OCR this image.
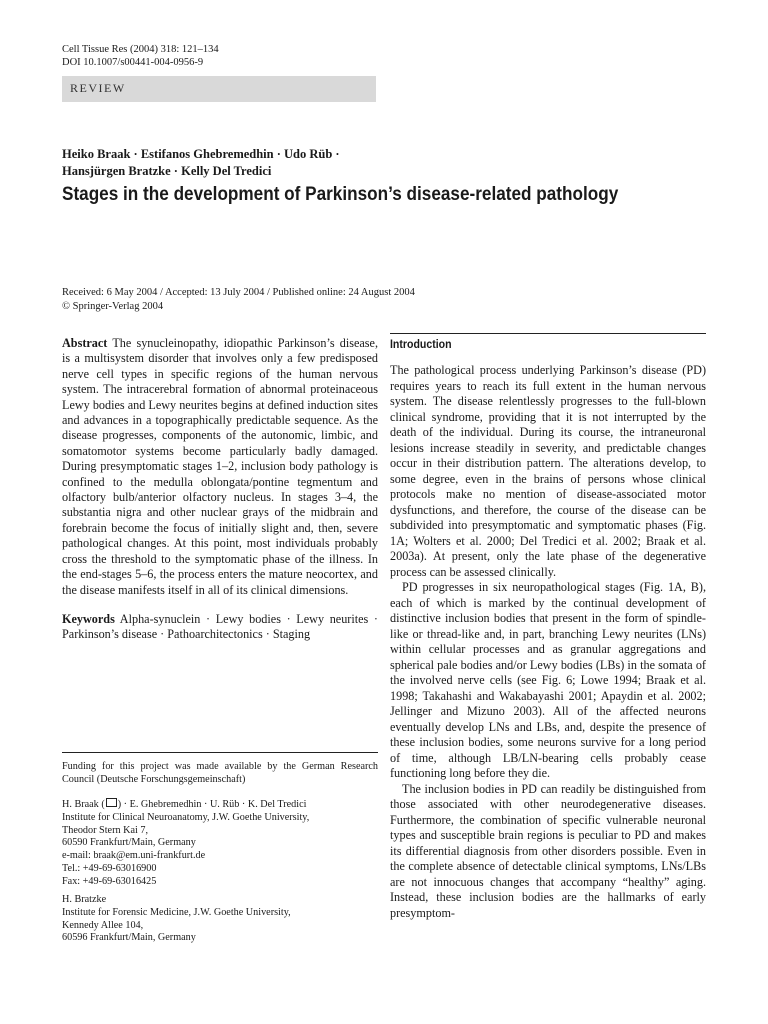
Cell Tissue Res (2004) 318: 121–134
DOI 10.1007/s00441-004-0956-9
REVIEW
Heiko Braak · Estifanos Ghebremedhin · Udo Rüb ·
Hansjürgen Bratzke · Kelly Del Tredici
Stages in the development of Parkinson’s disease-related pathology
Received: 6 May 2004 / Accepted: 13 July 2004 / Published online: 24 August 2004
© Springer-Verlag 2004

Abstract The synucleinopathy, idiopathic Parkinson’s disease, is a multisystem disorder that involves only a few predisposed nerve cell types in specific regions of the human nervous system. The intracerebral formation of abnormal proteinaceous Lewy bodies and Lewy neurites begins at defined induction sites and advances in a topographically predictable sequence. As the disease progresses, components of the autonomic, limbic, and somatomotor systems become particularly badly damaged. During presymptomatic stages 1–2, inclusion body pathology is confined to the medulla oblongata/pontine tegmentum and olfactory bulb/anterior olfactory nucleus. In stages 3–4, the substantia nigra and other nuclear grays of the midbrain and forebrain become the focus of initially slight and, then, severe pathological changes. At this point, most individuals probably cross the threshold to the symptomatic phase of the illness. In the end-stages 5–6, the process enters the mature neocortex, and the disease manifests itself in all of its clinical dimensions.

Keywords Alpha-synuclein · Lewy bodies · Lewy neurites · Parkinson’s disease · Pathoarchitectonics · Staging

Funding for this project was made available by the German Research Council (Deutsche Forschungsgemeinschaft)
H. Braak ( ) · E. Ghebremedhin · U. Rüb · K. Del Tredici
Institute for Clinical Neuroanatomy, J.W. Goethe University,
Theodor Stern Kai 7,
60590 Frankfurt/Main, Germany
e-mail: braak@em.uni-frankfurt.de
Tel.: +49-69-63016900
Fax: +49-69-63016425
H. Bratzke
Institute for Forensic Medicine, J.W. Goethe University,
Kennedy Allee 104,
60596 Frankfurt/Main, Germany
Introduction

The pathological process underlying Parkinson’s disease (PD) requires years to reach its full extent in the human nervous system. The disease relentlessly progresses to the full-blown clinical syndrome, providing that it is not interrupted by the death of the individual. During its course, the intraneuronal lesions increase steadily in severity, and predictable changes occur in their distribution pattern. The alterations develop, to some degree, even in the brains of persons whose clinical protocols make no mention of disease-associated motor dysfunctions, and therefore, the course of the disease can be subdivided into presymptomatic and symptomatic phases (Fig. 1A; Wolters et al. 2000; Del Tredici et al. 2002; Braak et al. 2003a). At present, only the late phase of the degenerative process can be assessed clinically.

PD progresses in six neuropathological stages (Fig. 1A, B), each of which is marked by the continual development of distinctive inclusion bodies that present in the form of spindle-like or thread-like and, in part, branching Lewy neurites (LNs) within cellular processes and as granular aggregations and spherical pale bodies and/or Lewy bodies (LBs) in the somata of the involved nerve cells (see Fig. 6; Lowe 1994; Braak et al. 1998; Takahashi and Wakabayashi 2001; Apaydin et al. 2002; Jellinger and Mizuno 2003). All of the affected neurons eventually develop LNs and LBs, and, despite the presence of these inclusion bodies, some neurons survive for a long period of time, although LB/LN-bearing cells probably cease functioning long before they die.

The inclusion bodies in PD can readily be distinguished from those associated with other neurodegenerative diseases. Furthermore, the combination of specific vulnerable neuronal types and susceptible brain regions is peculiar to PD and makes its differential diagnosis from other disorders possible. Even in the complete absence of detectable clinical symptoms, LNs/LBs are not innocuous changes that accompany “healthy” aging. Instead, these inclusion bodies are the hallmarks of early presymptom-
